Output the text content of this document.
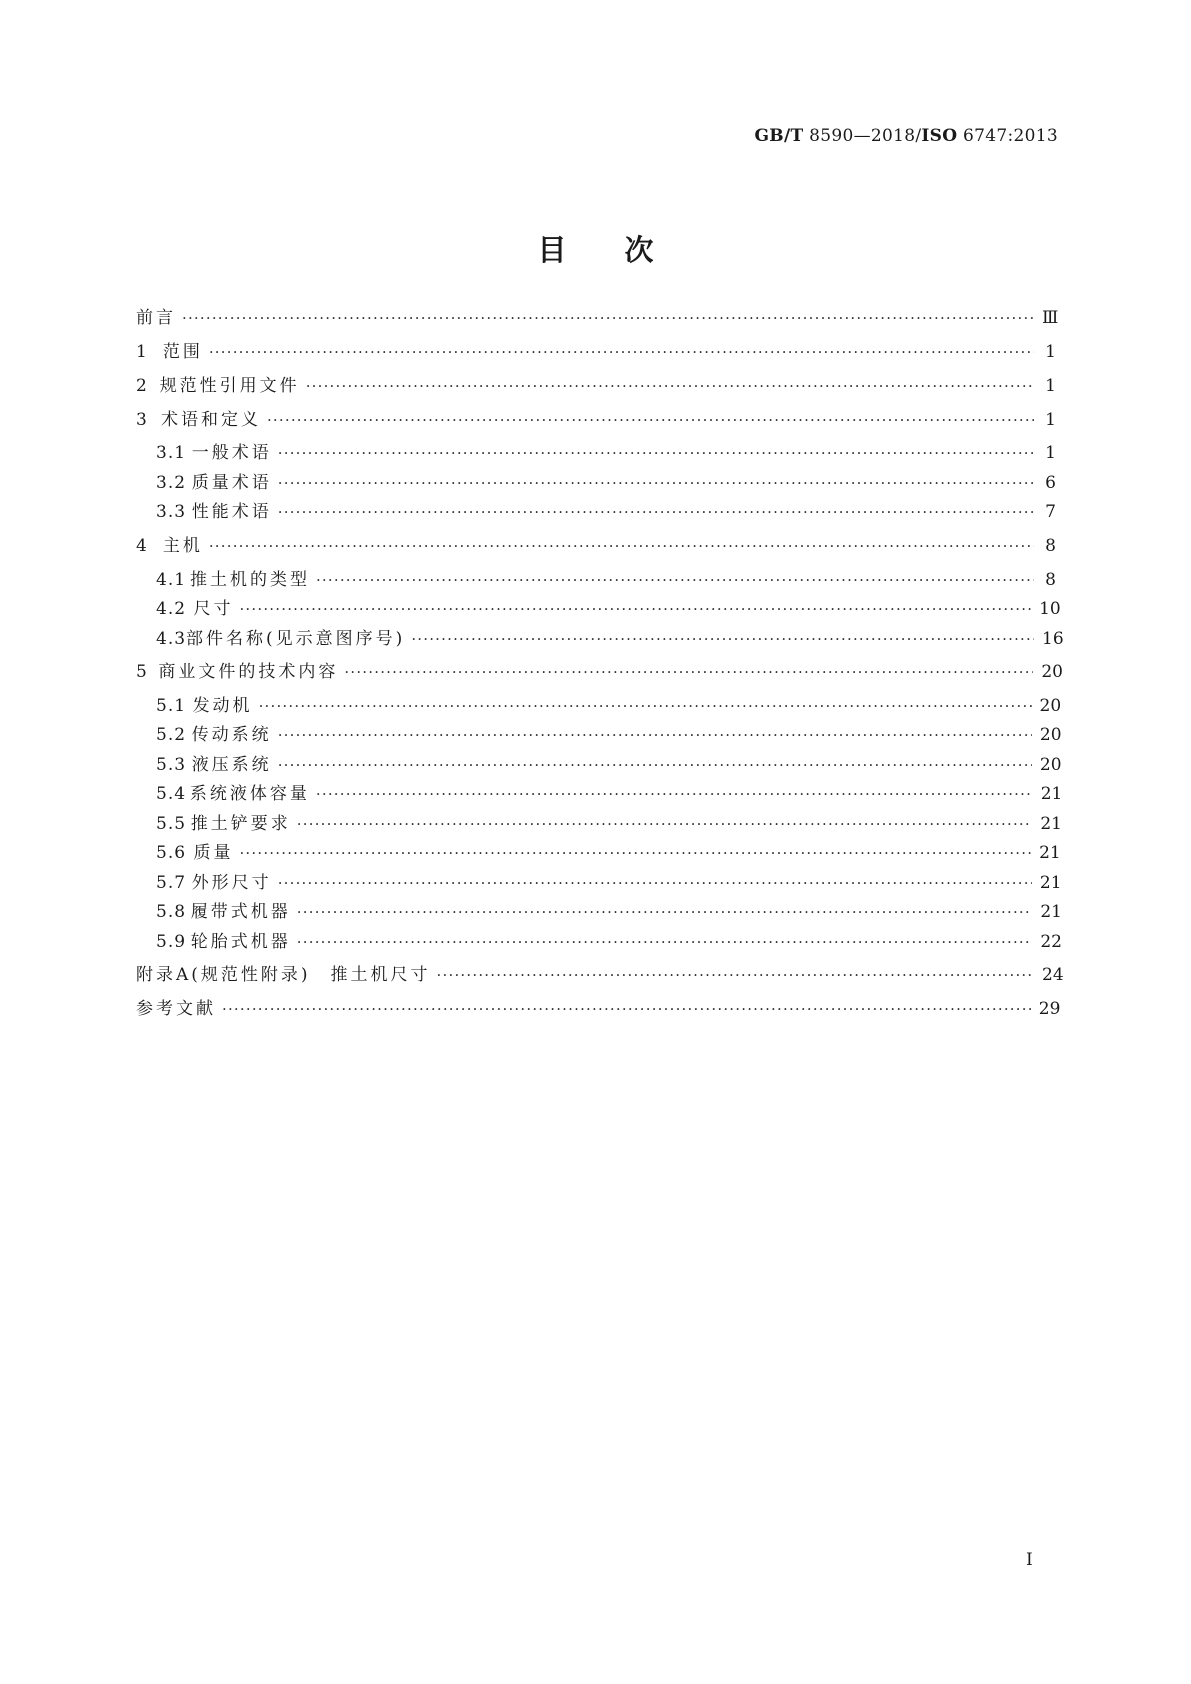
GB/T 8590—2018/ISO 6747:2013
目次
前言 ·····	Ⅲ
1 范围 ·····	1
2 规范性引用文件 ·····	1
3 术语和定义 ·····	1
3.1 一般术语 ·····	1
3.2 质量术语 ·····	6
3.3 性能术语 ·····	7
4 主机 ·····	8
4.1 推土机的类型 ·····	8
4.2 尺寸 ·····	10
4.3 部件名称(见示意图序号) ·····	16
5 商业文件的技术内容 ·····	20
5.1 发动机 ·····	20
5.2 传动系统 ·····	20
5.3 液压系统 ·····	20
5.4 系统液体容量 ·····	21
5.5 推土铲要求 ·····	21
5.6 质量 ·····	21
5.7 外形尺寸 ·····	21
5.8 履带式机器 ·····	21
5.9 轮胎式机器 ·····	22
附录A(规范性附录)　推土机尺寸 ·····	24
参考文献 ·····	29
Ⅰ
